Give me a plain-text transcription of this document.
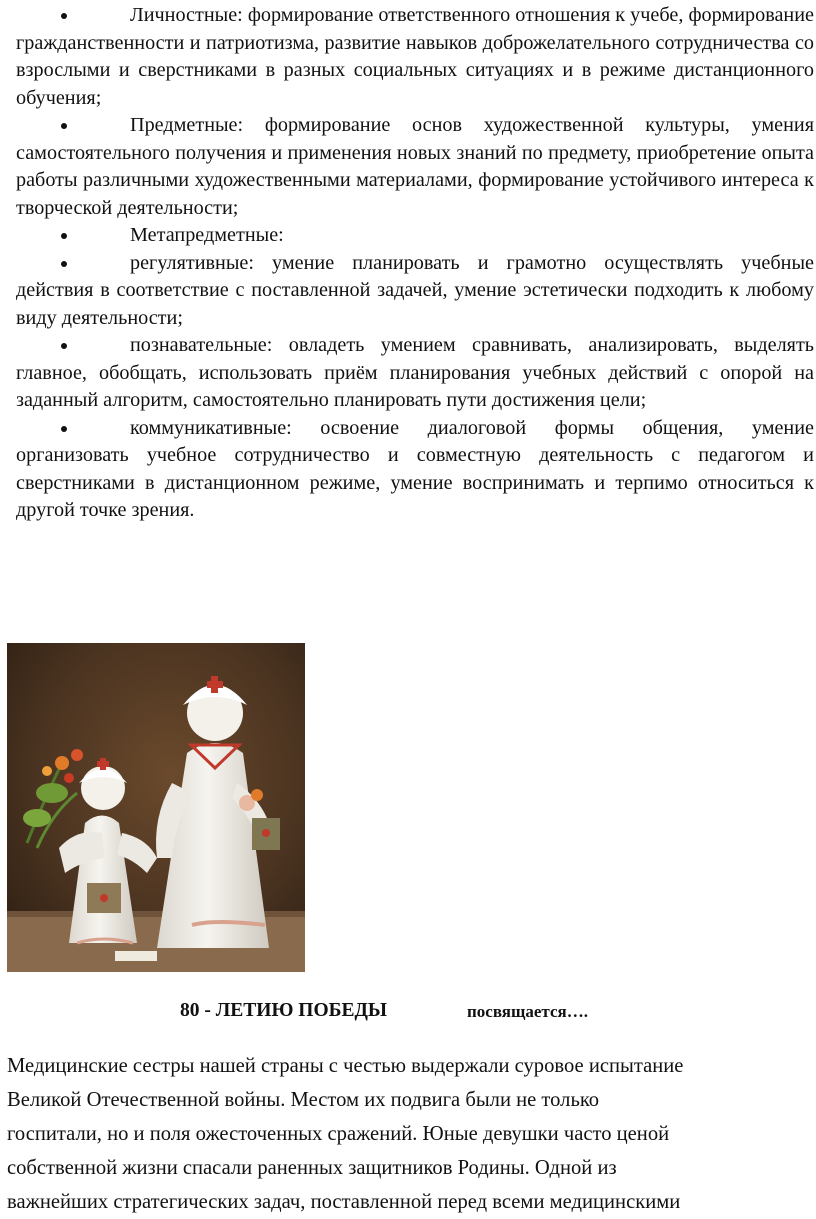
Личностные: формирование ответственного отношения к учебе, формирование гражданственности и патриотизма, развитие навыков доброжелательного сотрудничества со взрослыми и сверстниками в разных социальных ситуациях и в режиме дистанционного обучения;
Предметные: формирование основ художественной культуры, умения самостоятельного получения и применения новых знаний по предмету, приобретение опыта работы различными художественными материалами, формирование устойчивого интереса к творческой деятельности;
Метапредметные:
регулятивные: умение планировать и грамотно осуществлять учебные действия в соответствие с поставленной задачей, умение эстетически подходить к любому виду деятельности;
познавательные: овладеть умением сравнивать, анализировать, выделять главное, обобщать, использовать приём планирования учебных действий с опорой на заданный алгоритм, самостоятельно планировать пути достижения цели;
коммуникативные: освоение диалоговой формы общения, умение организовать учебное сотрудничество и совместную деятельность с педагогом и сверстниками в дистанционном режиме, умение воспринимать и терпимо относиться к другой точке зрения.
80 - ЛЕТИЮ ПОБЕДЫ	посвящается….
Медицинские сестры нашей страны с честью выдержали суровое испытание
Великой Отечественной войны. Местом их подвига были не только
госпитали, но и поля ожесточенных сражений. Юные девушки часто ценой
собственной жизни спасали раненных защитников Родины. Одной из
важнейших стратегических задач, поставленной перед всеми медицинскими
